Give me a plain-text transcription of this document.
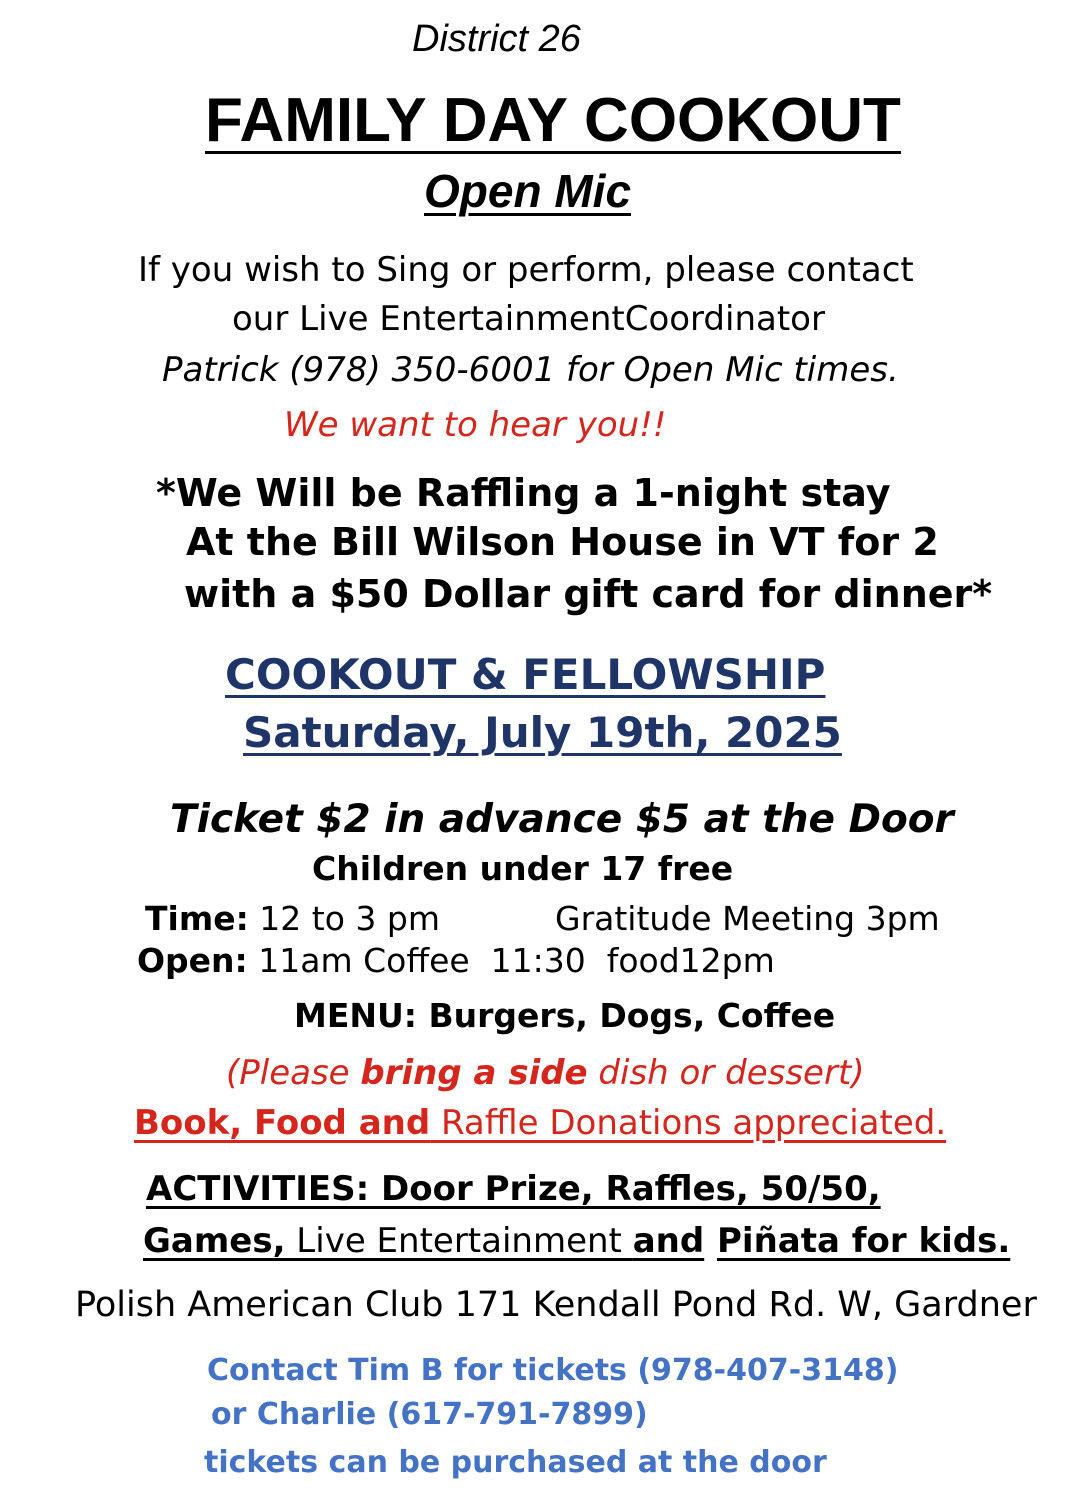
District 26
FAMILY DAY COOKOUT
Open Mic
If you wish to Sing or perform, please contact
our Live EntertainmentCoordinator
Patrick (978) 350-6001 for Open Mic times.
We want to hear you!!
*We Will be Raffling a 1-night stay
At the Bill Wilson House in VT for 2
with a $50 Dollar gift card for dinner*
COOKOUT & FELLOWSHIP
Saturday, July 19th, 2025
Ticket $2 in advance $5 at the Door
Children under 17 free
Time: 12 to 3 pm	Gratitude Meeting 3pm
Open: 11am Coffee  11:30  food12pm
MENU: Burgers, Dogs, Coffee
(Please bring a side dish or dessert)
Book, Food and Raffle Donations appreciated.
ACTIVITIES: Door Prize, Raffles, 50/50,
Games, Live Entertainment and Piñata for kids.
Polish American Club 171 Kendall Pond Rd. W, Gardner
Contact Tim B for tickets (978-407-3148)
or Charlie (617-791-7899)
tickets can be purchased at the door
